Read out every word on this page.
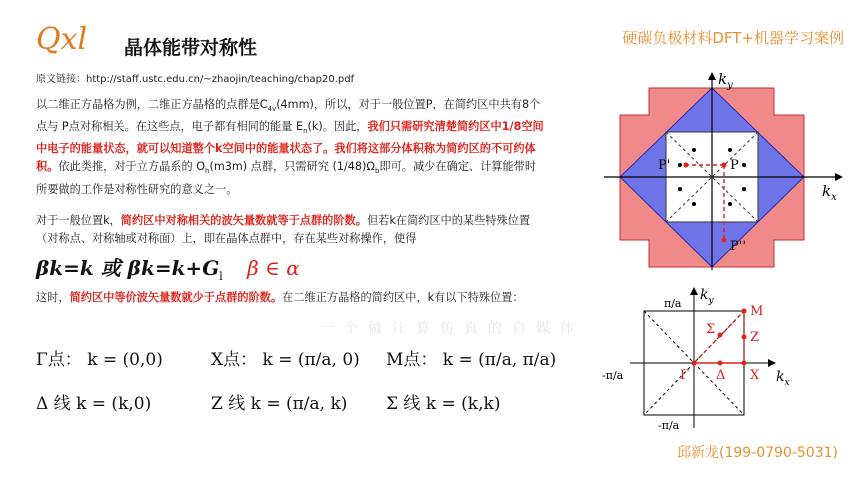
Qxl	晶体能带对称性	硬碳负极材料DFT+机器学习案例
原文链接：http://staff.ustc.edu.cn/~zhaojin/teaching/chap20.pdf
以二维正方晶格为例，二维正方晶格的点群是$C_{4v}(4mm)$，所以，对于一般位置P，在简约区中共有8个点与 P点对称相关。在这些点，电子都有相同的能量 $E_n(k)$。因此，我们只需研究清楚简约区中1/8空间中电子的能量状态，就可以知道整个k空间中的能量状态了。我们将这部分体积称为简约区的不可约体积。依此类推，对于立方晶系的 $O_h(m3m)$ 点群，只需研究 $(1/48)\Omega_b$即可。减少在确定、计算能带时所要做的工作是对称性研究的意义之一。
对于一般位置k，简约区中对称相关的波矢量数就等于点群的阶数。但若k在简约区中的某些特殊位置（对称点、对称轴或对称面）上，即在晶体点群中，存在某些对称操作，使得
βk=k 或 $\beta k=k+G_l$ β ∈ α
这时，简约区中等价波矢量数就少于点群的阶数。在二维正方晶格的简约区中，k有以下特殊位置：
Γ点： k = (0,0)	X点： k = (π/a, 0)	M点： k = (π/a, π/a)
Δ 线 k = (k,0)	Z 线 k = (π/a, k)	Σ 线 k = (k,k)
$k_y$
$k_x$
P
P'
P''
$k_y$
$k_x$
π/a
-π/a
-π/a
M
Z
X
Σ
Δ
Γ
一个做计算仿真的自媒体
邱新龙(199-0790-5031)
